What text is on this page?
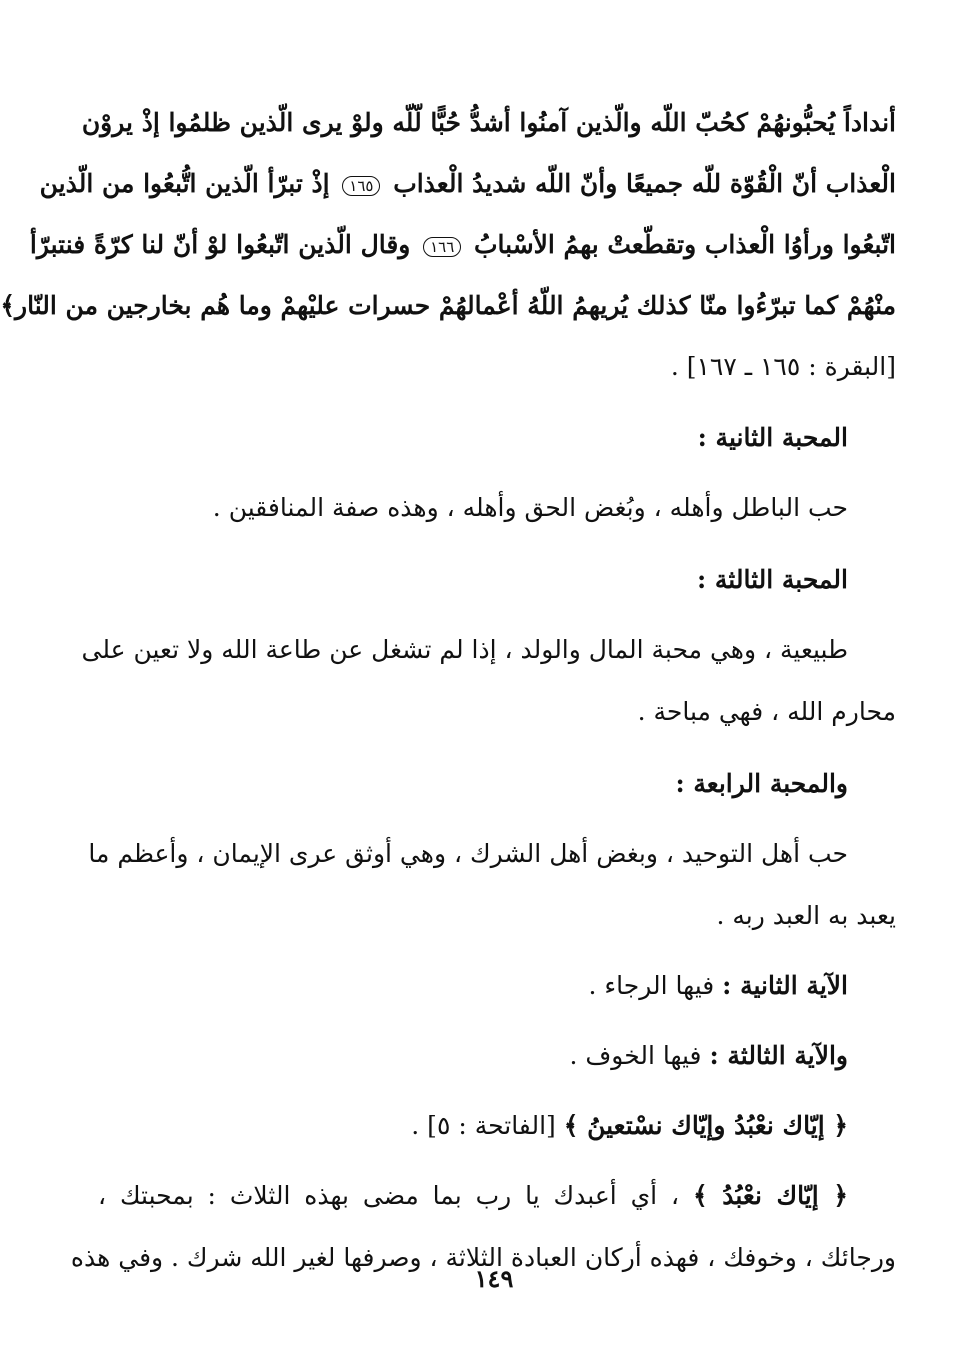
أنداداً يُحبُّونهُمْ كحُبّ اللّه والّذين آمنُوا أشدُّ حُبًّا لّلّه ولوْ يرى الّذين ظلمُوا إذْ يروْن
الْعذاب أنّ الْقُوّة للّه جميعًا وأنّ اللّه شديدُ الْعذاب ١٦٥ إذْ تبرّأ الّذين اتُّبعُوا من الّذين
اتّبعُوا ورأوُا الْعذاب وتقطّعتْ بهمُ الأسْبابُ ١٦٦ وقال الّذين اتّبعُوا لوْ أنّ لنا كرّةً فنتبرّأ
منْهُمْ كما تبرّءُوا منّا كذلك يُريهمُ اللّهُ أعْمالهُمْ حسرات عليْهمْ وما هُم بخارجين من النّار﴾
[البقرة : ١٦٥ ـ ١٦٧] .
المحبة الثانية :
حب الباطل وأهله ، وبُغض الحق وأهله ، وهذه صفة المنافقين .
المحبة الثالثة :
طبيعية ، وهي محبة المال والولد ، إذا لم تشغل عن طاعة الله ولا تعين على
محارم الله ، فهي مباحة .
والمحبة الرابعة :
حب أهل التوحيد ، وبغض أهل الشرك ، وهي أوثق عرى الإيمان ، وأعظم ما
يعبد به العبد ربه .
الآية الثانية : فيها الرجاء .
والآية الثالثة : فيها الخوف .
﴿ إيّاك نعْبُدُ وإيّاك نسْتعينُ ﴾ [الفاتحة : ٥] .
﴿ إيّاك نعْبُدُ ﴾ ، أي أعبدك يا رب بما مضى بهذه الثلاث : بمحبتك ،
ورجائك ، وخوفك ، فهذه أركان العبادة الثلاثة ، وصرفها لغير الله شرك . وفي هذه
١٤٩
